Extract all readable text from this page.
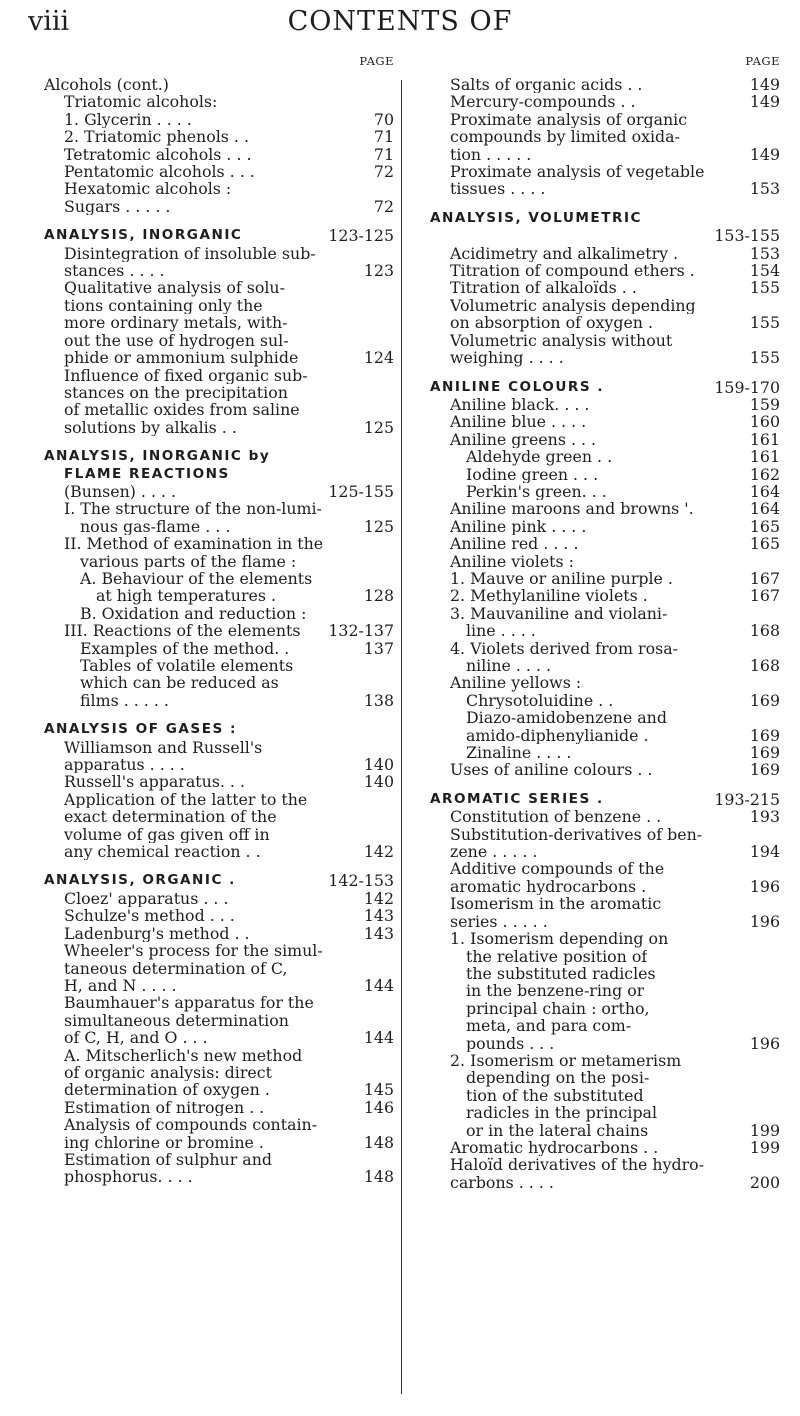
viii	CONTENTS OF
PAGE
Alcohols (cont.)
Triatomic alcohols:
1. Glycerin . . . .	70
2. Triatomic phenols . .	71
Tetratomic alcohols . . .	71
Pentatomic alcohols . . .	72
Hexatomic alcohols :
Sugars . . . . .	72
ANALYSIS, INORGANIC	123-125
Disintegration of insoluble sub-
stances . . . .	123
Qualitative analysis of solu-
tions containing only the
more ordinary metals, with-
out the use of hydrogen sul-
phide or ammonium sulphide	124
Influence of fixed organic sub-
stances on the precipitation
of metallic oxides from saline
solutions by alkalis . .	125
ANALYSIS, INORGANIC by
FLAME REACTIONS
(Bunsen) . . . .	125-155
I. The structure of the non-lumi-
nous gas-flame . . .	125
II. Method of examination in the
various parts of the flame :
A. Behaviour of the elements
at high temperatures .	128
B. Oxidation and reduction :
III. Reactions of the elements 132-137
Examples of the method. .	137
Tables of volatile elements
which can be reduced as
films . . . . .	138
ANALYSIS OF GASES :
Williamson and Russell's
apparatus . . . .	140
Russell's apparatus. . .	140
Application of the latter to the
exact determination of the
volume of gas given off in
any chemical reaction . .	142
ANALYSIS, ORGANIC .	142-153
Cloez' apparatus . . .	142
Schulze's method . . .	143
Ladenburg's method . .	143
Wheeler's process for the simul-
taneous determination of C,
H, and N . . . .	144
Baumhauer's apparatus for the
simultaneous determination
of C, H, and O . . .	144
A. Mitscherlich's new method
of organic analysis: direct
determination of oxygen .	145
Estimation of nitrogen . .	146
Analysis of compounds contain-
ing chlorine or bromine .	148
Estimation of sulphur and
phosphorus. . . .	148
PAGE
Salts of organic acids . .	149
Mercury-compounds . .	149
Proximate analysis of organic
compounds by limited oxida-
tion . . . . .	149
Proximate analysis of vegetable
tissues . . . .	153
ANALYSIS, VOLUMETRIC
153-155
Acidimetry and alkalimetry .	153
Titration of compound ethers .	154
Titration of alkaloïds . .	155
Volumetric analysis depending
on absorption of oxygen .	155
Volumetric analysis without
weighing . . . .	155
ANILINE COLOURS .	159-170
Aniline black. . . .	159
Aniline blue . . . .	160
Aniline greens . . .	161
Aldehyde green . .	161
Iodine green . . .	162
Perkin's green. . .	164
Aniline maroons and browns '.	164
Aniline pink . . . .	165
Aniline red . . . .	165
Aniline violets :
1. Mauve or aniline purple .	167
2. Methylaniline violets .	167
3. Mauvaniline and violani-
line . . . .	168
4. Violets derived from rosa-
niline . . . .	168
Aniline yellows :
Chrysotoluidine . .	169
Diazo-amidobenzene and
amido-diphenylianide .	169
Zinaline . . . .	169
Uses of aniline colours . .	169
AROMATIC SERIES .	193-215
Constitution of benzene . .	193
Substitution-derivatives of ben-
zene . . . . .	194
Additive compounds of the
aromatic hydrocarbons .	196
Isomerism in the aromatic
series . . . . .	196
1. Isomerism depending on
the relative position of
the substituted radicles
in the benzene-ring or
principal chain : ortho,
meta, and para com-
pounds . . .	196
2. Isomerism or metamerism
depending on the posi-
tion of the substituted
radicles in the principal
or in the lateral chains	199
Aromatic hydrocarbons . .	199
Haloïd derivatives of the hydro-
carbons . . . .	200
